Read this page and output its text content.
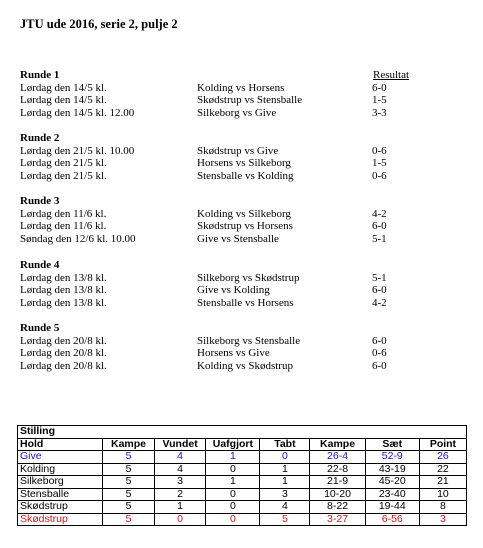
JTU ude 2016, serie 2, pulje 2
Resultat
Runde 1
Lørdag den 14/5 kl.	Kolding vs Horsens	6-0
Lørdag den 14/5 kl.	Skødstrup vs Stensballe	1-5
Lørdag den 14/5 kl. 12.00	Silkeborg vs Give	3-3
Runde 2
Lørdag den 21/5 kl. 10.00	Skødstrup vs Give	0-6
Lørdag den 21/5 kl.	Horsens vs Silkeborg	1-5
Lørdag den 21/5 kl.	Stensballe vs Kolding	0-6
Runde 3
Lørdag den 11/6 kl.	Kolding vs Silkeborg	4-2
Lørdag den 11/6 kl.	Skødstrup vs Horsens	6-0
Søndag den 12/6 kl. 10.00	Give vs Stensballe	5-1
Runde 4
Lørdag den 13/8 kl.	Silkeborg vs Skødstrup	5-1
Lørdag den 13/8 kl.	Give vs Kolding	6-0
Lørdag den 13/8 kl.	Stensballe vs Horsens	4-2
Runde 5
Lørdag den 20/8 kl.	Silkeborg vs Stensballe	6-0
Lørdag den 20/8 kl.	Horsens vs Give	0-6
Lørdag den 20/8 kl.	Kolding vs Skødstrup	6-0
Stilling							
Hold	Kampe	Vundet	Uafgjort	Tabt	Kampe	Sæt	Point
Give	5	4	1	0	26-4	52-9	26
Kolding	5	4	0	1	22-8	43-19	22
Silkeborg	5	3	1	1	21-9	45-20	21
Stensballe	5	2	0	3	10-20	23-40	10
Skødstrup	5	1	0	4	8-22	19-44	8
Skødstrup	5	0	0	5	3-27	6-56	3
